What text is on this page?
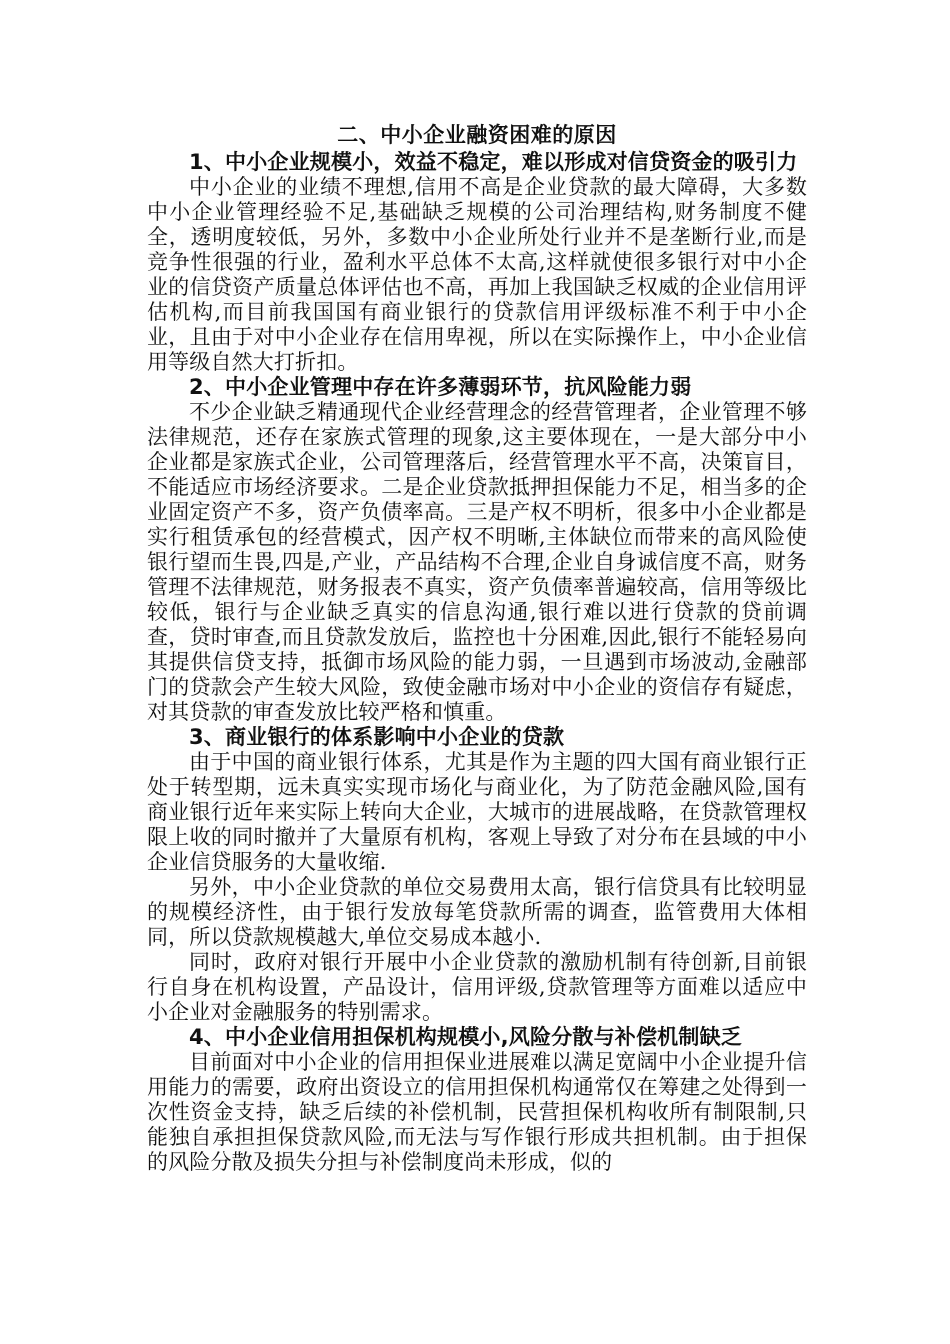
二、中小企业融资困难的原因

1、中小企业规模小，效益不稳定，难以形成对信贷资金的吸引力

中小企业的业绩不理想,信用不高是企业贷款的最大障碍，大多数中小企业管理经验不足,基础缺乏规模的公司治理结构,财务制度不健全，透明度较低，另外，多数中小企业所处行业并不是垄断行业,而是竞争性很强的行业，盈利水平总体不太高,这样就使很多银行对中小企业的信贷资产质量总体评估也不高，再加上我国缺乏权威的企业信用评估机构,而目前我国国有商业银行的贷款信用评级标准不利于中小企业，且由于对中小企业存在信用卑视，所以在实际操作上，中小企业信用等级自然大打折扣。

2、中小企业管理中存在许多薄弱环节，抗风险能力弱

不少企业缺乏精通现代企业经营理念的经营管理者，企业管理不够法律规范，还存在家族式管理的现象,这主要体现在，一是大部分中小企业都是家族式企业，公司管理落后，经营管理水平不高，决策盲目，不能适应市场经济要求。二是企业贷款抵押担保能力不足，相当多的企业固定资产不多，资产负债率高。三是产权不明析，很多中小企业都是实行租赁承包的经营模式，因产权不明晰,主体缺位而带来的高风险使银行望而生畏,四是,产业，产品结构不合理,企业自身诚信度不高，财务管理不法律规范，财务报表不真实，资产负债率普遍较高，信用等级比较低，银行与企业缺乏真实的信息沟通,银行难以进行贷款的贷前调查，贷时审查,而且贷款发放后，监控也十分困难,因此,银行不能轻易向其提供信贷支持，抵御市场风险的能力弱，一旦遇到市场波动,金融部门的贷款会产生较大风险，致使金融市场对中小企业的资信存有疑虑，对其贷款的审查发放比较严格和慎重。

3、商业银行的体系影响中小企业的贷款

由于中国的商业银行体系，尤其是作为主题的四大国有商业银行正处于转型期，远未真实实现市场化与商业化，为了防范金融风险,国有商业银行近年来实际上转向大企业，大城市的进展战略，在贷款管理权限上收的同时撤并了大量原有机构，客观上导致了对分布在县域的中小企业信贷服务的大量收缩.

另外，中小企业贷款的单位交易费用太高，银行信贷具有比较明显的规模经济性，由于银行发放每笔贷款所需的调查，监管费用大体相同，所以贷款规模越大,单位交易成本越小.

同时，政府对银行开展中小企业贷款的激励机制有待创新,目前银行自身在机构设置，产品设计，信用评级,贷款管理等方面难以适应中小企业对金融服务的特别需求。

4、中小企业信用担保机构规模小,风险分散与补偿机制缺乏

目前面对中小企业的信用担保业进展难以满足宽阔中小企业提升信用能力的需要，政府出资设立的信用担保机构通常仅在筹建之处得到一次性资金支持，缺乏后续的补偿机制，民营担保机构收所有制限制,只能独自承担担保贷款风险,而无法与写作银行形成共担机制。由于担保的风险分散及损失分担与补偿制度尚未形成，似的
